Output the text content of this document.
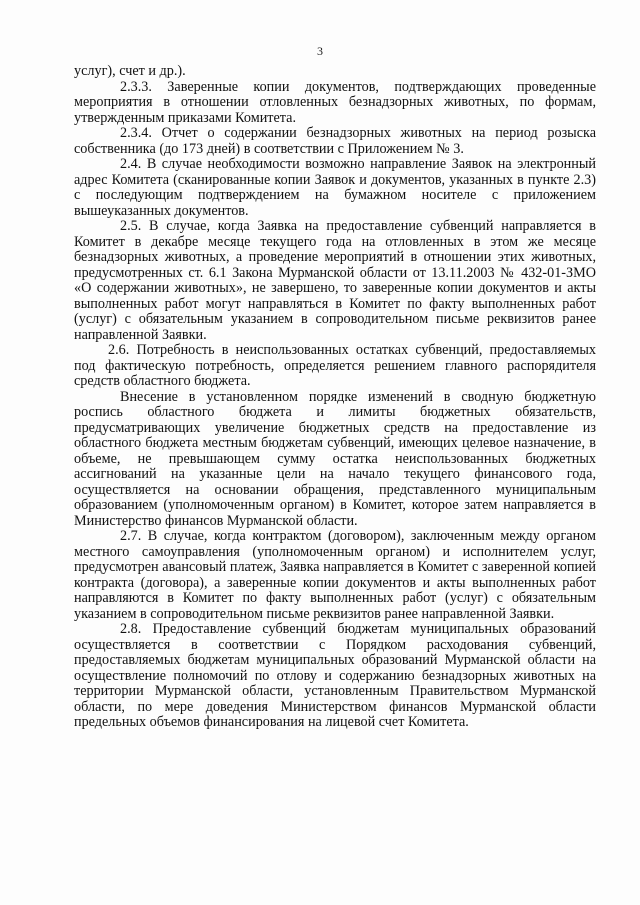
3

услуг), счет и др.).

2.3.3. Заверенные копии документов, подтверждающих проведенные мероприятия в отношении отловленных безнадзорных животных, по формам, утвержденным приказами Комитета.

2.3.4. Отчет о содержании безнадзорных животных на период розыска собственника (до 173 дней) в соответствии с Приложением № 3.

2.4. В случае необходимости возможно направление Заявок на электронный адрес Комитета (сканированные копии Заявок и документов, указанных в пункте 2.3) с последующим подтверждением на бумажном носителе с приложением вышеуказанных документов.

2.5. В случае, когда Заявка на предоставление субвенций направляется в Комитет в декабре месяце текущего года на отловленных в этом же месяце безнадзорных животных, а проведение мероприятий в отношении этих животных, предусмотренных ст. 6.1 Закона Мурманской области от 13.11.2003 № 432-01-ЗМО «О содержании животных», не завершено, то заверенные копии документов и акты выполненных работ могут направляться в Комитет по факту выполненных работ (услуг) с обязательным указанием в сопроводительном письме реквизитов ранее направленной Заявки.

2.6. Потребность в неиспользованных остатках субвенций, предоставляемых под фактическую потребность, определяется решением главного распорядителя средств областного бюджета.

Внесение в установленном порядке изменений в сводную бюджетную роспись областного бюджета и лимиты бюджетных обязательств, предусматривающих увеличение бюджетных средств на предоставление из областного бюджета местным бюджетам субвенций, имеющих целевое назначение, в объеме, не превышающем сумму остатка неиспользованных бюджетных ассигнований на указанные цели на начало текущего финансового года, осуществляется на основании обращения, представленного муниципальным образованием (уполномоченным органом) в Комитет, которое затем направляется в Министерство финансов Мурманской области.

2.7. В случае, когда контрактом (договором), заключенным между органом местного самоуправления (уполномоченным органом) и исполнителем услуг, предусмотрен авансовый платеж, Заявка направляется в Комитет с заверенной копией контракта (договора), а заверенные копии документов и акты выполненных работ направляются в Комитет по факту выполненных работ (услуг) с обязательным указанием в сопроводительном письме реквизитов ранее направленной Заявки.

2.8. Предоставление субвенций бюджетам муниципальных образований осуществляется в соответствии с Порядком расходования субвенций, предоставляемых бюджетам муниципальных образований Мурманской области на осуществление полномочий по отлову и содержанию безнадзорных животных на территории Мурманской области, установленным Правительством Мурманской области, по мере доведения Министерством финансов Мурманской области предельных объемов финансирования на лицевой счет Комитета.
